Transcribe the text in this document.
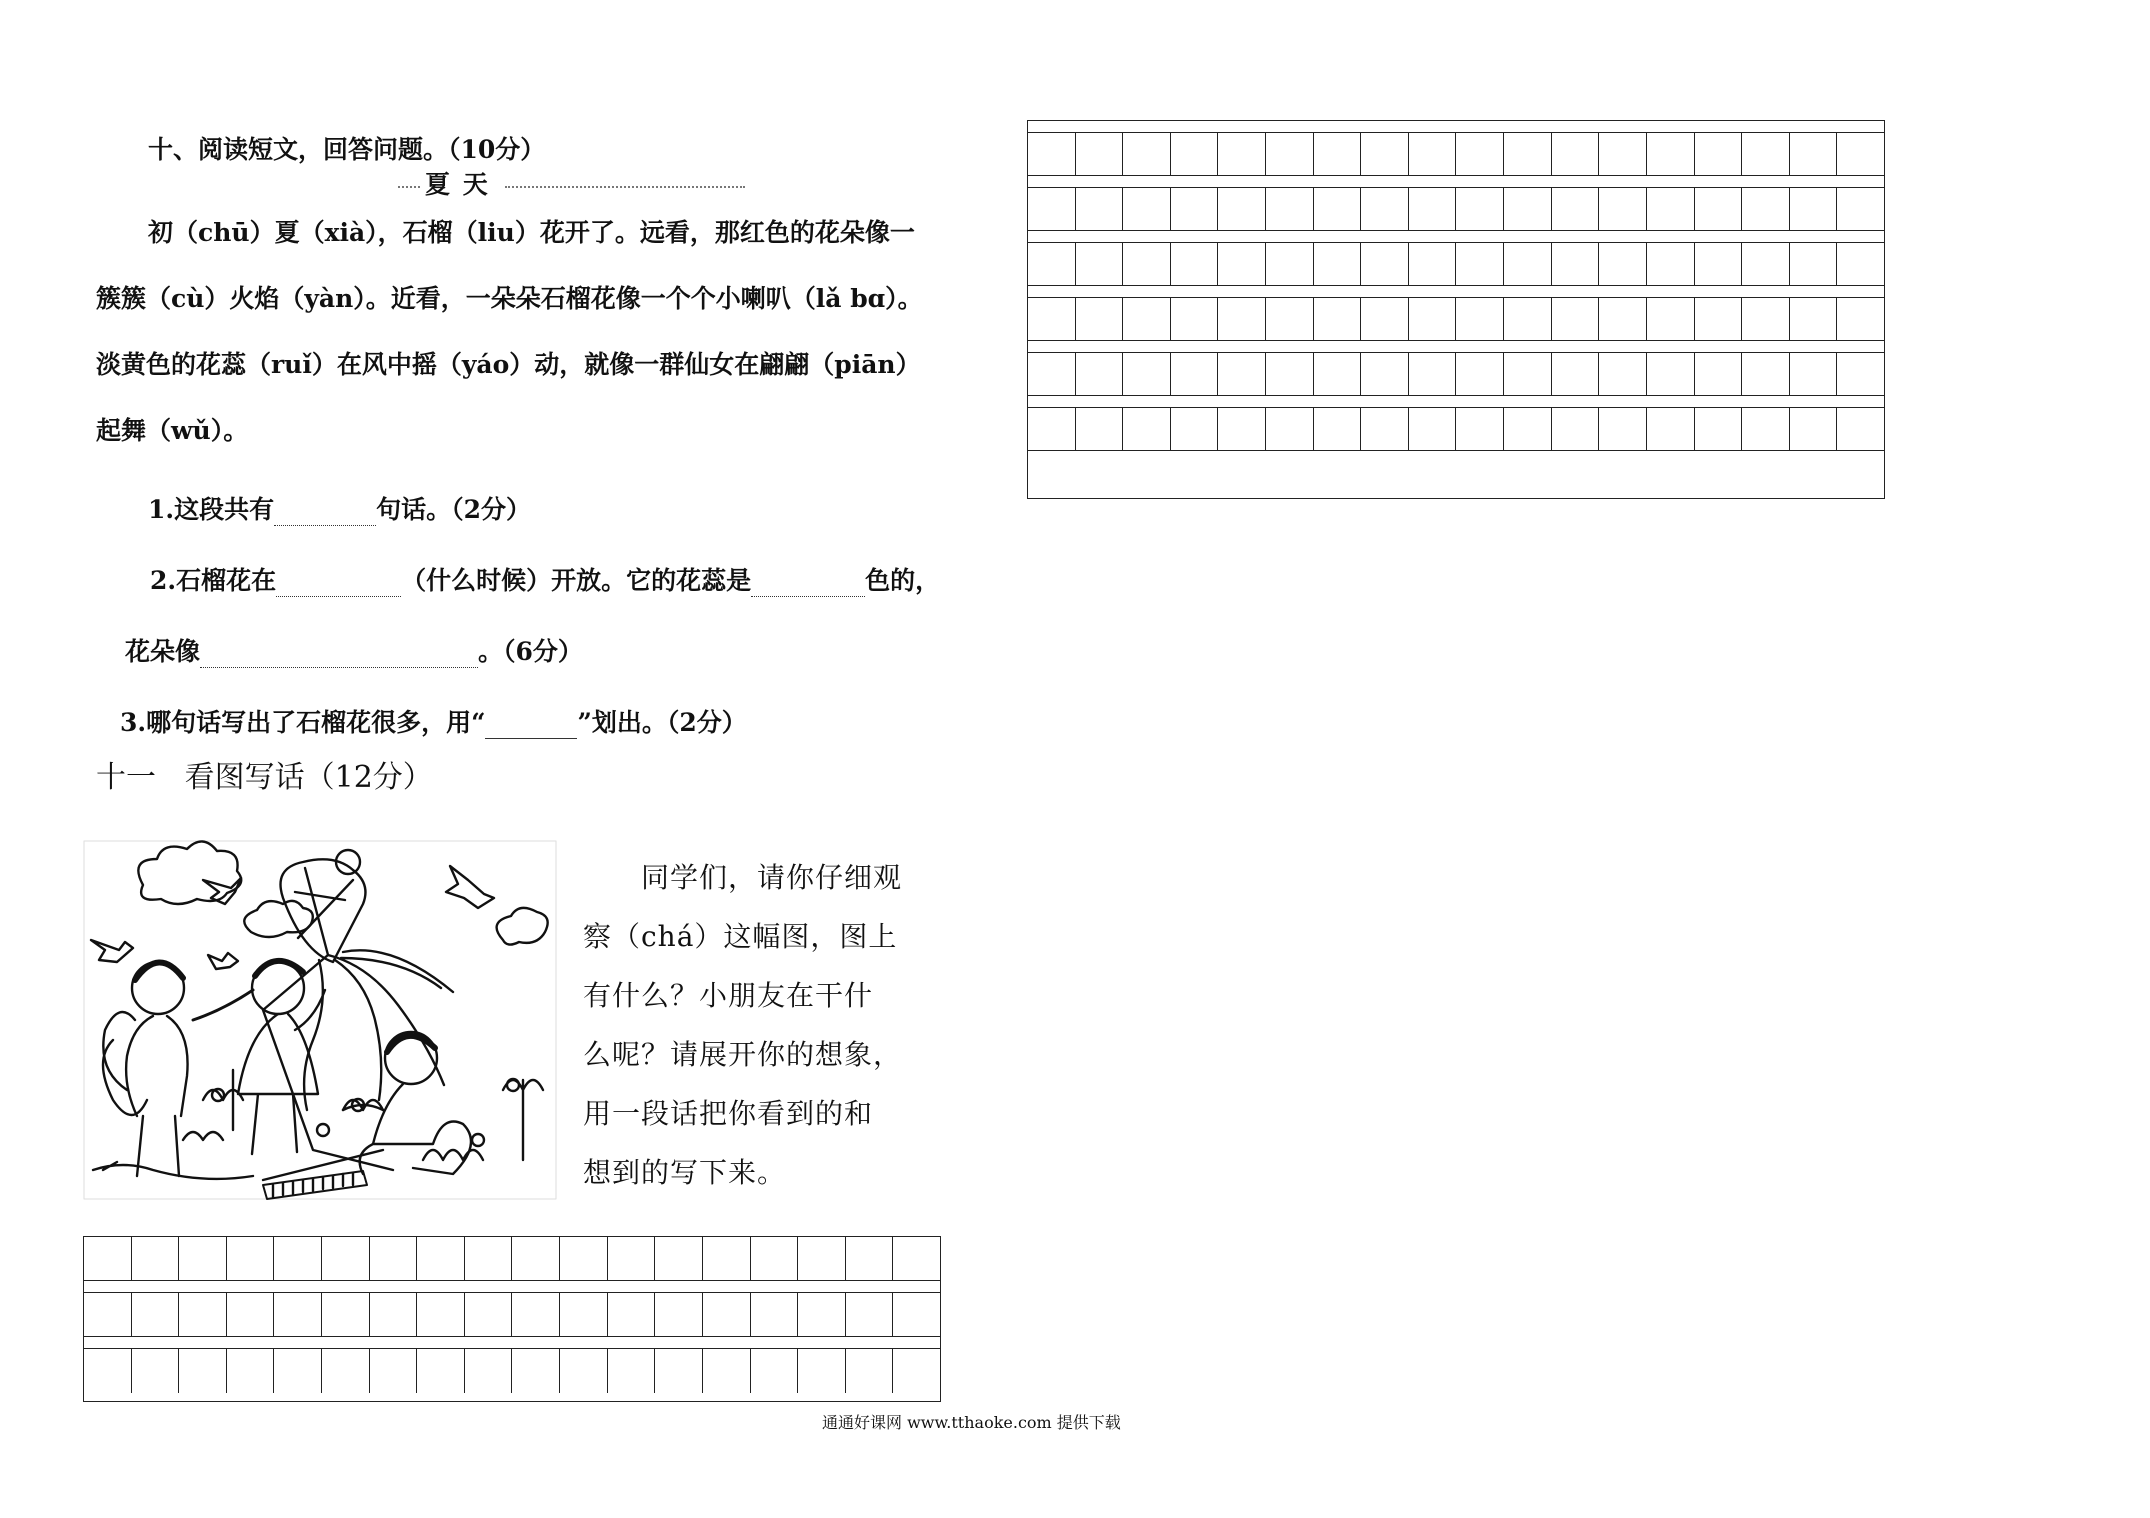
十、阅读短文，回答问题。（10分）
夏 天
初（chū）夏（xià），石榴（liu）花开了。远看，那红色的花朵像一
簇簇（cù）火焰（yàn）。近看，一朵朵石榴花像一个个小喇叭（lǎ bɑ）。
淡黄色的花蕊（ruǐ）在风中摇（yáo）动，就像一群仙女在翩翩（piān）
起舞（wǔ）。
1.这段共有	句话。（2分）
2.石榴花在	（什么时候）开放。它的花蕊是	色的，
花朵像	。（6分）
3.哪句话写出了石榴花很多，用“	”划出。（2分）
十一   看图写话（12分）
同学们，请你仔细观
察（chá）这幅图，图上
有什么？小朋友在干什
么呢？请展开你的想象，
用一段话把你看到的和
想到的写下来。
通通好课网 www.tthaoke.com 提供下载
